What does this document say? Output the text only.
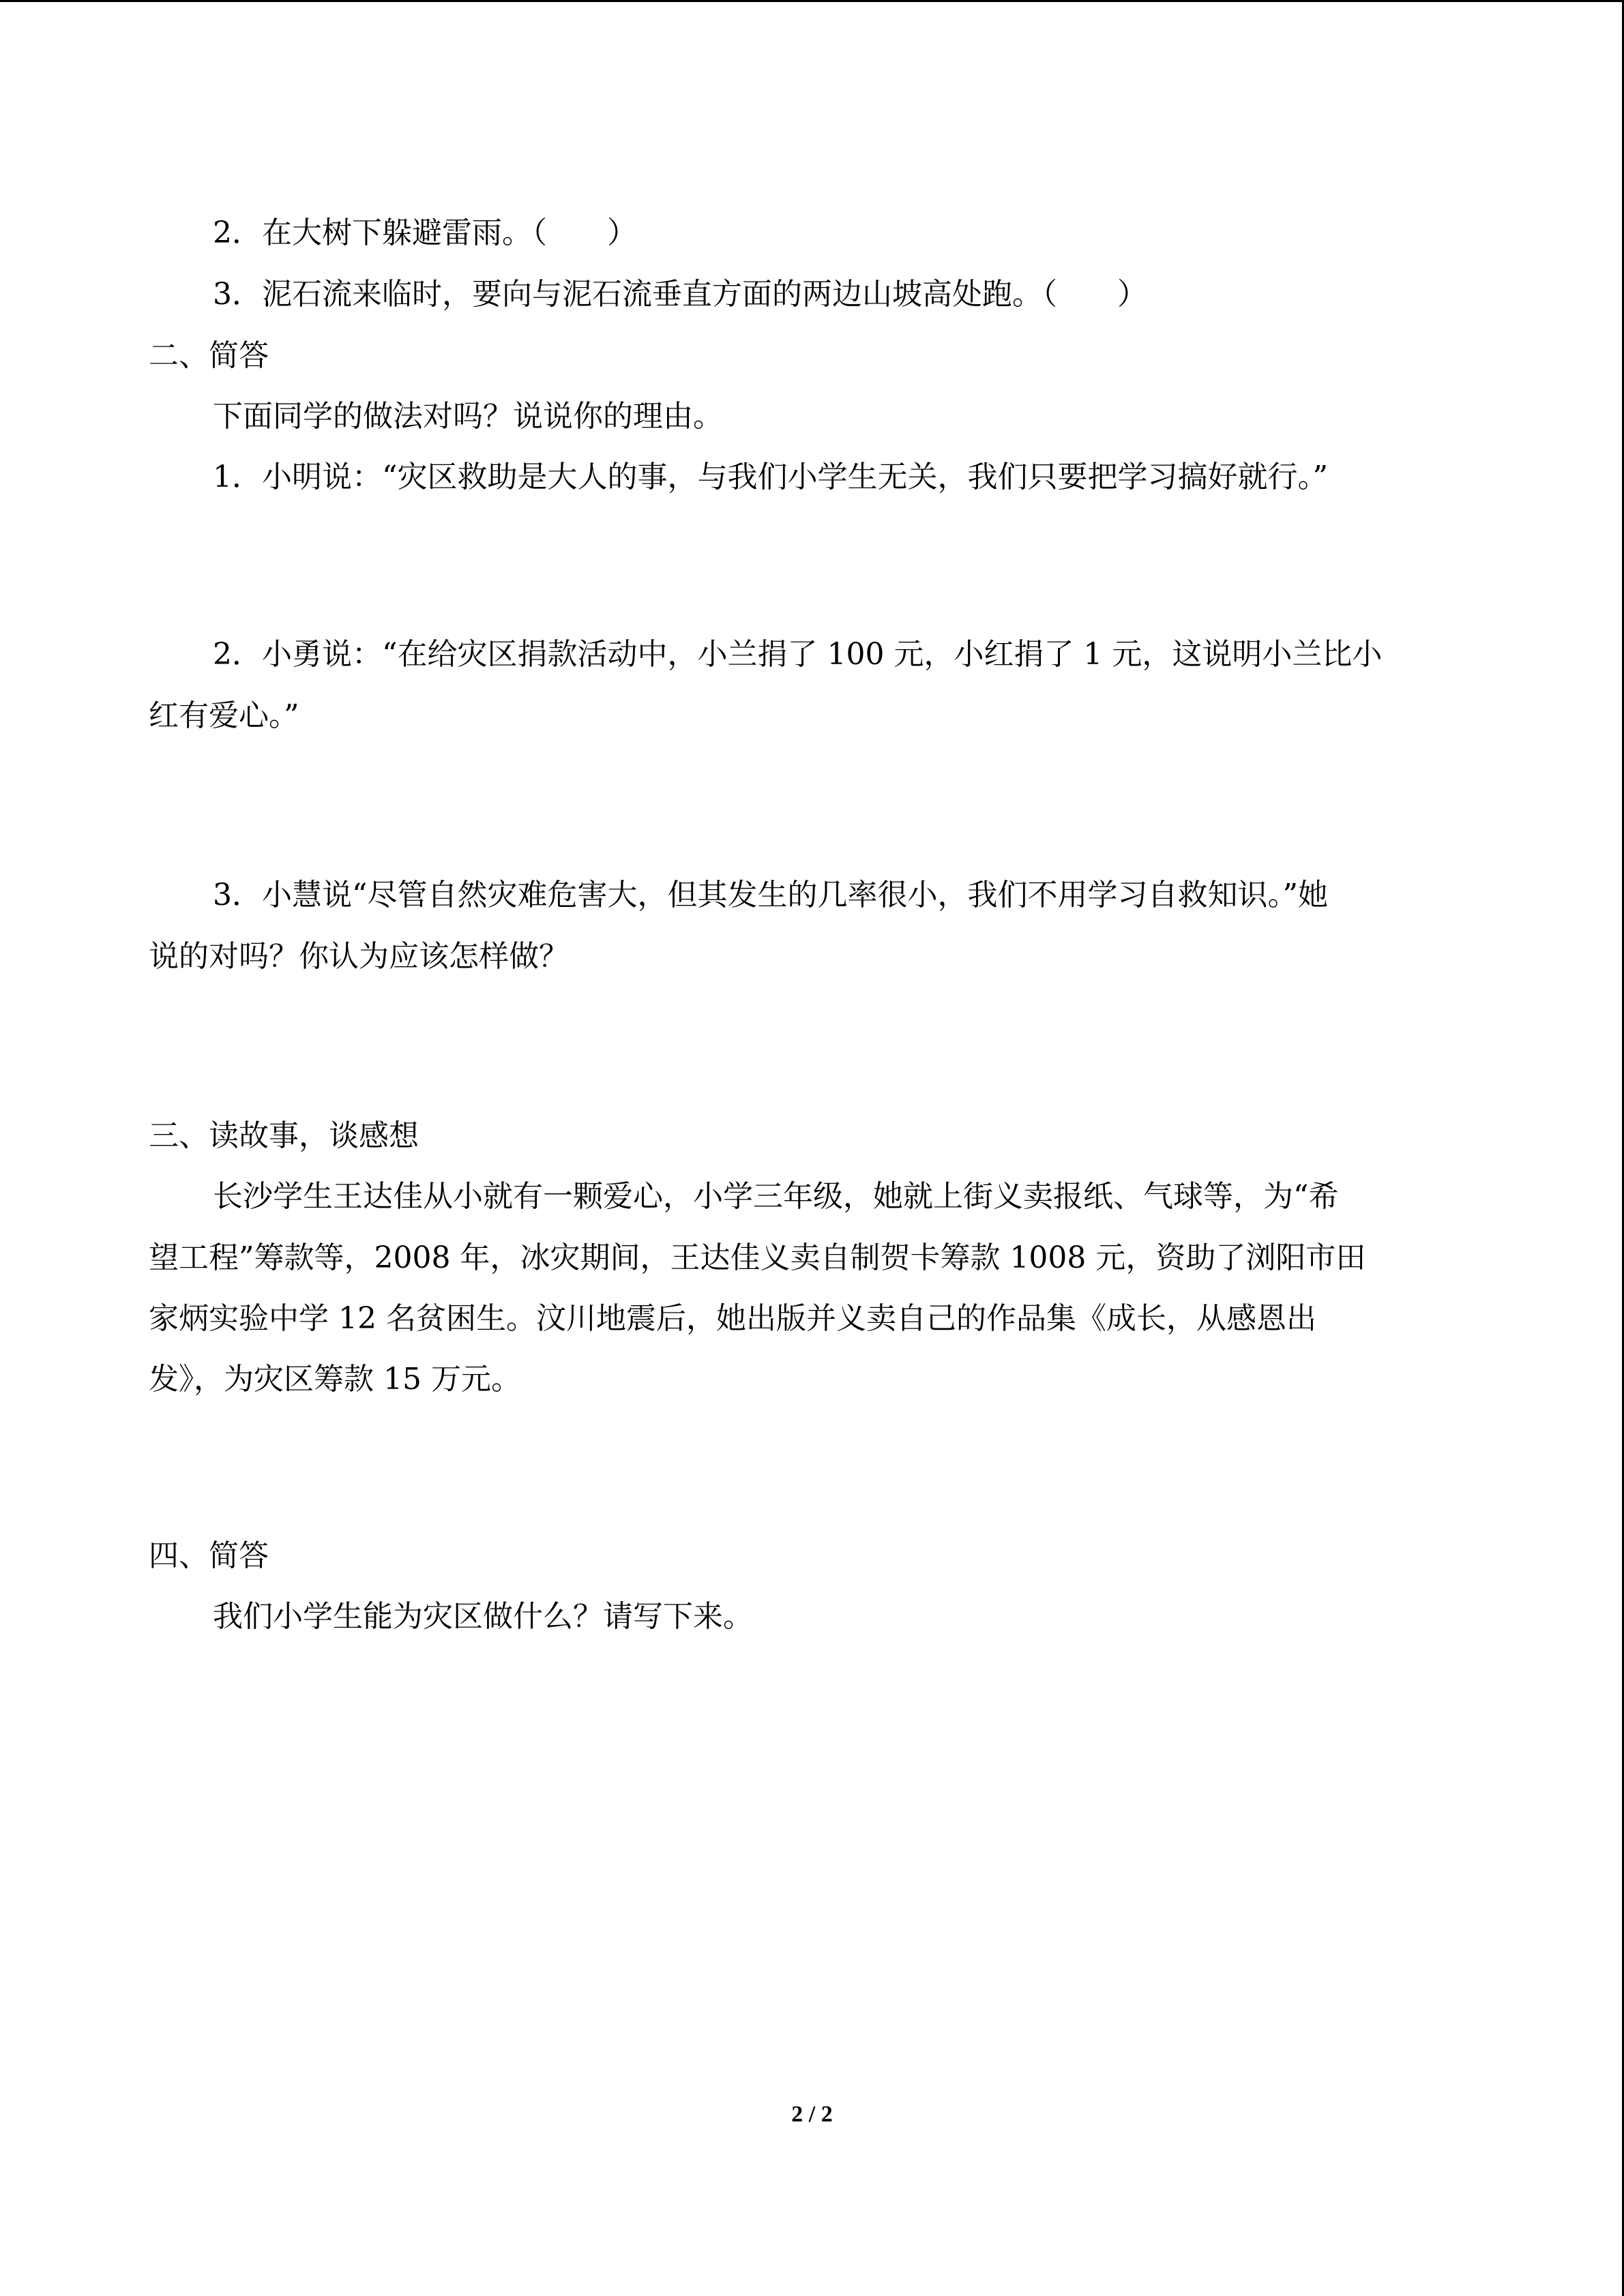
2．在大树下躲避雷雨。（　　）
3．泥石流来临时，要向与泥石流垂直方面的两边山坡高处跑。（　　）
二、简答
下面同学的做法对吗？说说你的理由。
1．小明说：“灾区救助是大人的事，与我们小学生无关，我们只要把学习搞好就行。”
2．小勇说：“在给灾区捐款活动中，小兰捐了 100 元，小红捐了 1 元，这说明小兰比小
红有爱心。”
3．小慧说“尽管自然灾难危害大，但其发生的几率很小，我们不用学习自救知识。”她
说的对吗？你认为应该怎样做？
三、读故事，谈感想
长沙学生王达佳从小就有一颗爱心，小学三年级，她就上街义卖报纸、气球等，为“希
望工程”筹款等，2008 年，冰灾期间，王达佳义卖自制贺卡筹款 1008 元，资助了浏阳市田
家炳实验中学 12 名贫困生。汶川地震后，她出版并义卖自己的作品集《成长，从感恩出
发》，为灾区筹款 15 万元。
四、简答
我们小学生能为灾区做什么？请写下来。
2 / 2
